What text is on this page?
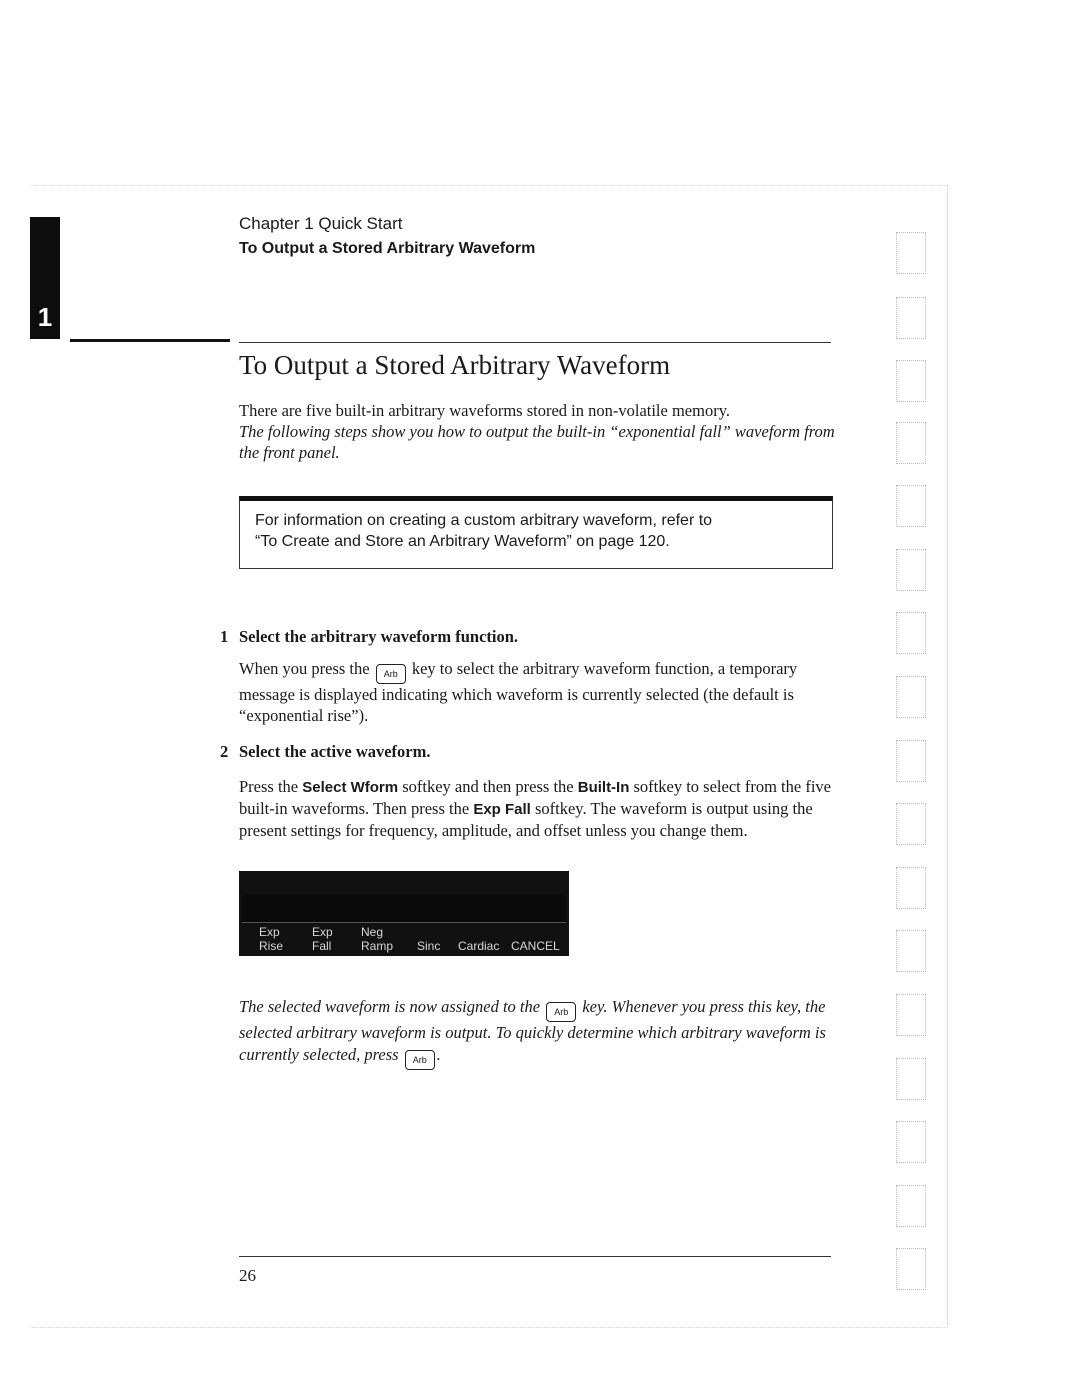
1
Chapter 1 Quick Start
To Output a Stored Arbitrary Waveform
To Output a Stored Arbitrary Waveform
There are five built-in arbitrary waveforms stored in non-volatile memory.
The following steps show you how to output the built-in “exponential fall” waveform from the front panel.
For information on creating a custom arbitrary waveform, refer to
“To Create and Store an Arbitrary Waveform” on page 120.
1 Select the arbitrary waveform function.
When you press the Arb key to select the arbitrary waveform function, a temporary message is displayed indicating which waveform is currently selected (the default is “exponential rise”).
2 Select the active waveform.
Press the Select Wform softkey and then press the Built-In softkey to select from the five built-in waveforms. Then press the Exp Fall softkey. The waveform is output using the present settings for frequency, amplitude, and offset unless you change them.
Exp
Rise
Exp
Fall
Neg
Ramp
Sinc
Cardiac
CANCEL
The selected waveform is now assigned to the Arb key. Whenever you press this key, the selected arbitrary waveform is output. To quickly determine which arbitrary waveform is currently selected, press Arb .
26
